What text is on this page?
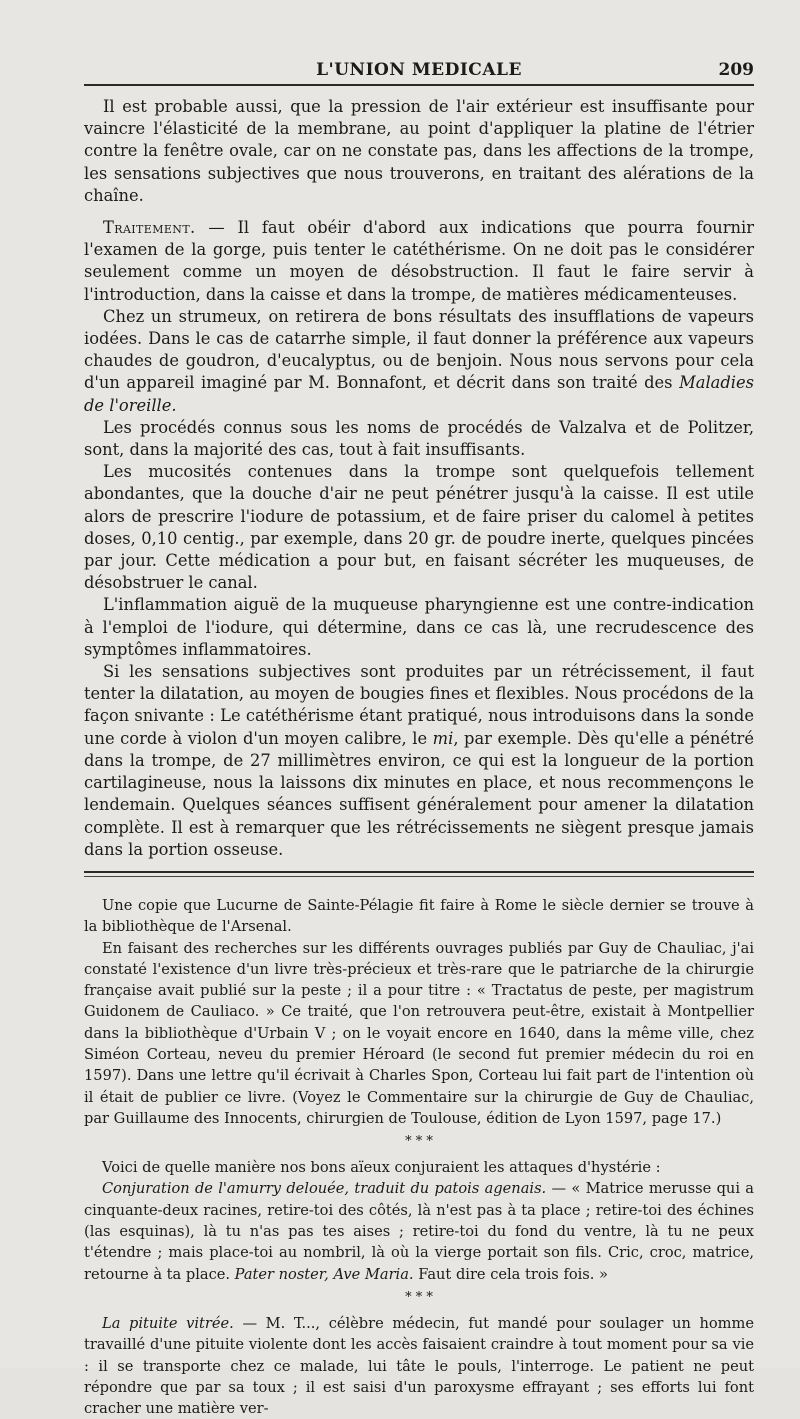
L'UNION MEDICALE	209

Il est probable aussi, que la pression de l'air extérieur est insuffisante pour vaincre l'élasticité de la membrane, au point d'appliquer la platine de l'étrier contre la fenêtre ovale, car on ne constate pas, dans les affections de la trompe, les sensations subjectives que nous trouverons, en traitant des alérations de la chaîne.

Traitement. — Il faut obéir d'abord aux indications que pourra fournir l'examen de la gorge, puis tenter le catéthérisme. On ne doit pas le considérer seulement comme un moyen de désobstruction. Il faut le faire servir à l'introduction, dans la caisse et dans la trompe, de matières médicamenteuses.

Chez un strumeux, on retirera de bons résultats des insufflations de vapeurs iodées. Dans le cas de catarrhe simple, il faut donner la préférence aux vapeurs chaudes de goudron, d'eucalyptus, ou de benjoin. Nous nous servons pour cela d'un appareil imaginé par M. Bonnafont, et décrit dans son traité des Maladies de l'oreille.

Les procédés connus sous les noms de procédés de Valzalva et de Politzer, sont, dans la majorité des cas, tout à fait insuffisants.

Les mucosités contenues dans la trompe sont quelquefois tellement abondantes, que la douche d'air ne peut pénétrer jusqu'à la caisse. Il est utile alors de prescrire l'iodure de potassium, et de faire priser du calomel à petites doses, 0,10 centig., par exemple, dans 20 gr. de poudre inerte, quelques pincées par jour. Cette médication a pour but, en faisant sécréter les muqueuses, de désobstruer le canal.

L'inflammation aiguë de la muqueuse pharyngienne est une contre-indication à l'emploi de l'iodure, qui détermine, dans ce cas là, une recrudescence des symptômes inflammatoires.

Si les sensations subjectives sont produites par un rétrécissement, il faut tenter la dilatation, au moyen de bougies fines et flexibles. Nous procédons de la façon snivante : Le catéthérisme étant pratiqué, nous introduisons dans la sonde une corde à violon d'un moyen calibre, le mi, par exemple. Dès qu'elle a pénétré dans la trompe, de 27 millimètres environ, ce qui est la longueur de la portion cartilagineuse, nous la laissons dix minutes en place, et nous recommençons le lendemain. Quelques séances suffisent généralement pour amener la dilatation complète. Il est à remarquer que les rétrécissements ne siègent presque jamais dans la portion osseuse.

Une copie que Lucurne de Sainte-Pélagie fit faire à Rome le siècle dernier se trouve à la bibliothèque de l'Arsenal.

En faisant des recherches sur les différents ouvrages publiés par Guy de Chauliac, j'ai constaté l'existence d'un livre très-précieux et très-rare que le patriarche de la chirurgie française avait publié sur la peste ; il a pour titre : « Tractatus de peste, per magistrum Guidonem de Cauliaco. » Ce traité, que l'on retrouvera peut-être, existait à Montpellier dans la bibliothèque d'Urbain V ; on le voyait encore en 1640, dans la même ville, chez Siméon Corteau, neveu du premier Héroard (le second fut premier médecin du roi en 1597). Dans une lettre qu'il écrivait à Charles Spon, Corteau lui fait part de l'intention où il était de publier ce livre. (Voyez le Commentaire sur la chirurgie de Guy de Chauliac, par Guillaume des Innocents, chirurgien de Toulouse, édition de Lyon 1597, page 17.)

* * *

Voici de quelle manière nos bons aïeux conjuraient les attaques d'hystérie :

Conjuration de l'amurry delouée, traduit du patois agenais. — « Matrice merusse qui a cinquante-deux racines, retire-toi des côtés, là n'est pas à ta place ; retire-toi des échines (las esquinas), là tu n'as pas tes aises ; retire-toi du fond du ventre, là tu ne peux t'étendre ; mais place-toi au nombril, là où la vierge portait son fils. Cric, croc, matrice, retourne à ta place. Pater noster, Ave Maria. Faut dire cela trois fois. »

* * *

La pituite vitrée. — M. T..., célèbre médecin, fut mandé pour soulager un homme travaillé d'une pituite violente dont les accès faisaient craindre à tout moment pour sa vie : il se transporte chez ce malade, lui tâte le pouls, l'interroge. Le patient ne peut répondre que par sa toux ; il est saisi d'un paroxysme effrayant ; ses efforts lui font cracher une matière ver-
